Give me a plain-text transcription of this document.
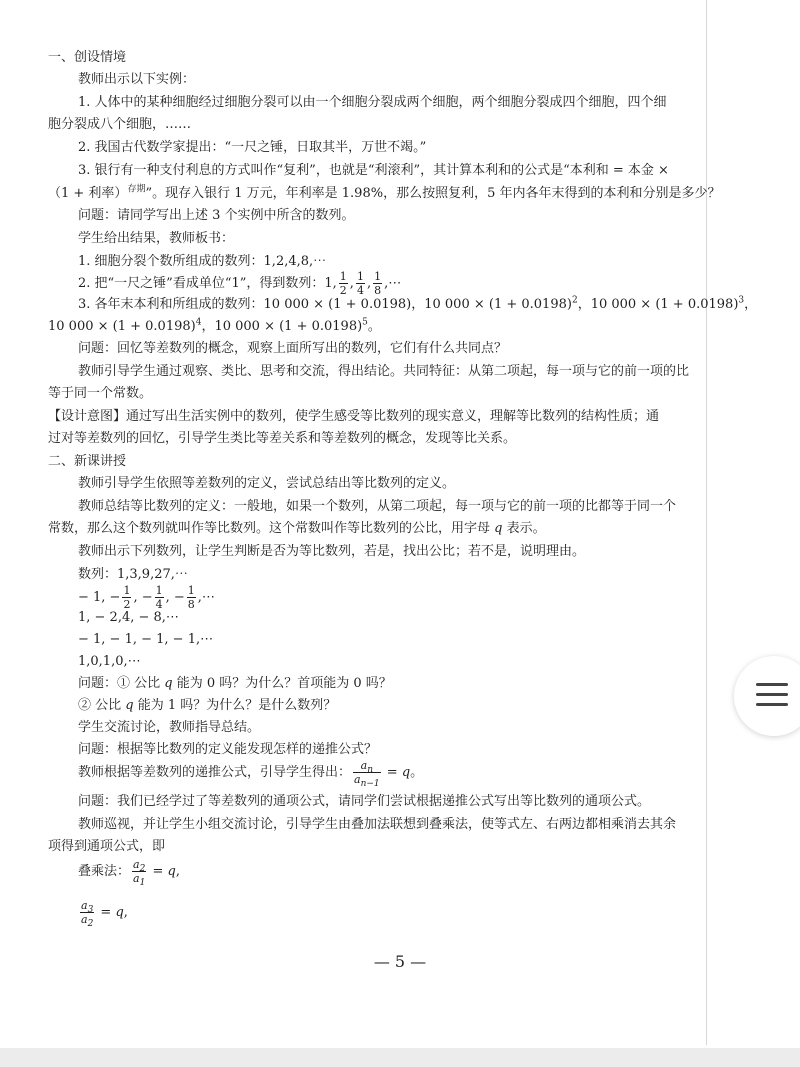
一、创设情境
教师出示以下实例：
1. 人体中的某种细胞经过细胞分裂可以由一个细胞分裂成两个细胞，两个细胞分裂成四个细胞，四个细
胞分裂成八个细胞，……
2. 我国古代数学家提出：“一尺之锤，日取其半，万世不竭。”
3. 银行有一种支付利息的方式叫作“复利”，也就是“利滚利”，其计算本利和的公式是“本利和 = 本金 ×
（1 + 利率）$^{存期}$”。现存入银行 1 万元，年利率是 1.98%，那么按照复利，5 年内各年末得到的本利和分别是多少？
问题：请同学写出上述 3 个实例中所含的数列。
学生给出结果，教师板书：
1. 细胞分裂个数所组成的数列：1,2,4,8,⋯
2. 把“一尺之锤”看成单位“1”，得到数列：1, $\frac{1}{2}$ , $\frac{1}{4}$ , $\frac{1}{8}$ ,⋯
3. 各年末本利和所组成的数列：10 000 × (1 + 0.0198)，10 $000 \times (1 + 0.0198)^2$，10 $000 \times (1 + 0.0198)^3$，
10 $000 \times (1 + 0.0198)^4$，10 $000 \times (1 + 0.0198)^5$。
问题：回忆等差数列的概念，观察上面所写出的数列，它们有什么共同点？
教师引导学生通过观察、类比、思考和交流，得出结论。共同特征：从第二项起，每一项与它的前一项的比
等于同一个常数。
【设计意图】通过写出生活实例中的数列，使学生感受等比数列的现实意义，理解等比数列的结构性质；通
过对等差数列的回忆，引导学生类比等差关系和等差数列的概念，发现等比关系。
二、新课讲授
教师引导学生依照等差数列的定义，尝试总结出等比数列的定义。
教师总结等比数列的定义：一般地，如果一个数列，从第二项起，每一项与它的前一项的比都等于同一个
常数，那么这个数列就叫作等比数列。这个常数叫作等比数列的公比，用字母 q 表示。
教师出示下列数列，让学生判断是否为等比数列，若是，找出公比；若不是，说明理由。
数列：1,3,9,27,⋯
− 1, − $\frac{1}{2}$ , − $\frac{1}{4}$ , − $\frac{1}{8}$ ,⋯
1, − 2,4, − 8,⋯
− 1, − 1, − 1, − 1,⋯
1,0,1,0,⋯
问题：① 公比 q 能为 0 吗？为什么？首项能为 0 吗？
② 公比 q 能为 1 吗？为什么？是什么数列？
学生交流讨论，教师指导总结。
问题：根据等比数列的定义能发现怎样的递推公式？
教师根据等差数列的递推公式，引导学生得出： $\frac{a_n}{a_{n-1}} = q$。
问题：我们已经学过了等差数列的通项公式，请同学们尝试根据递推公式写出等比数列的通项公式。
教师巡视，并让学生小组交流讨论，引导学生由叠加法联想到叠乘法，使等式左、右两边都相乘消去其余
项得到通项公式，即
叠乘法： $\frac{a_2}{a_1} = q$,
$\frac{a_3}{a_2} = q$,
— 5 —
